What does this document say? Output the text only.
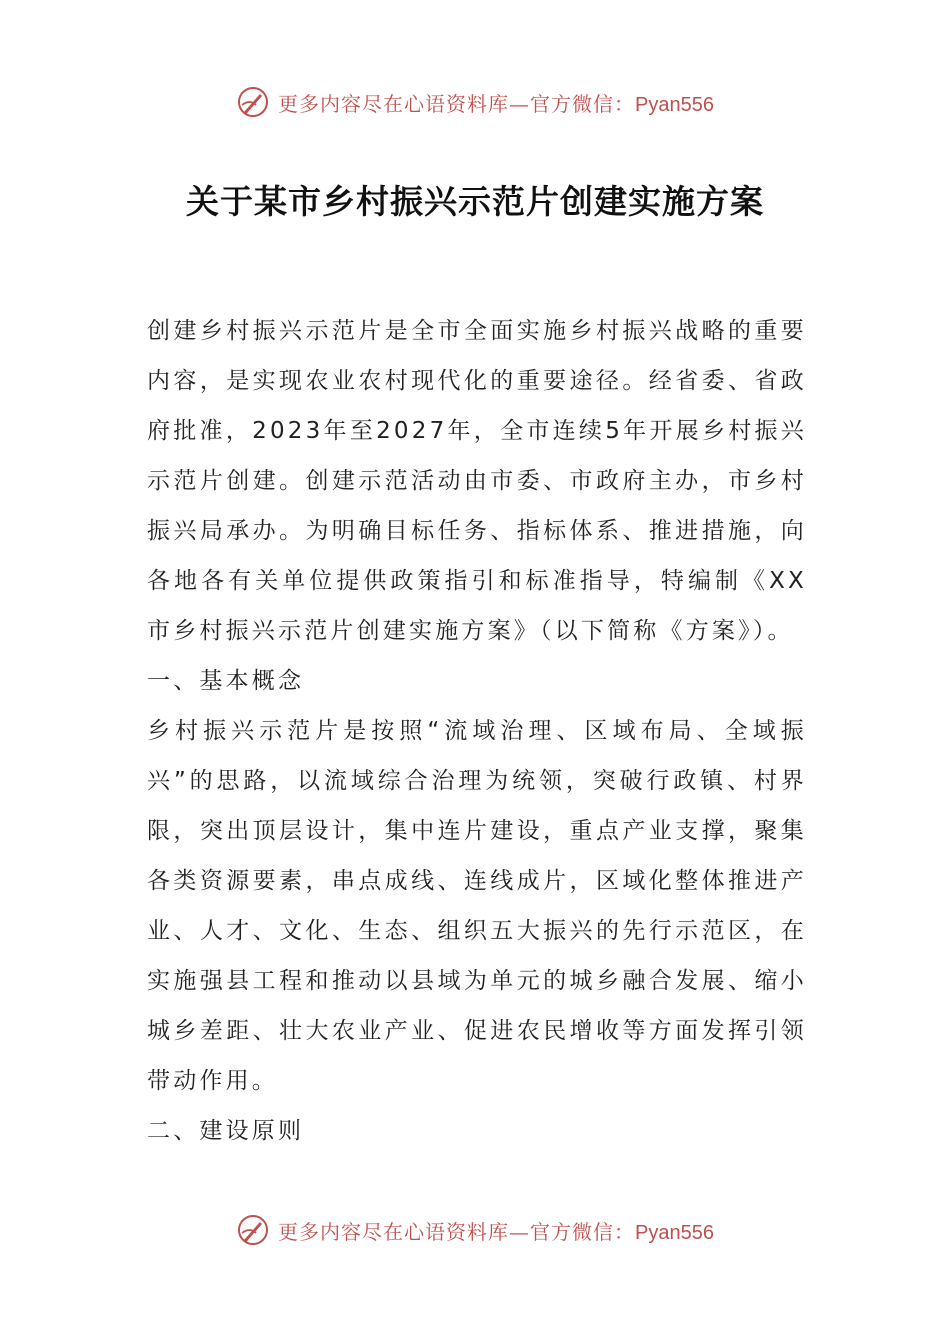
更多内容尽在心语资料库—官方微信：Pyan556
关于某市乡村振兴示范片创建实施方案

创建乡村振兴示范片是全市全面实施乡村振兴战略的重要内容，是实现农业农村现代化的重要途径。经省委、省政府批准，2023年至2027年，全市连续5年开展乡村振兴示范片创建。创建示范活动由市委、市政府主办，市乡村振兴局承办。为明确目标任务、指标体系、推进措施，向各地各有关单位提供政策指引和标准指导，特编制《XX市乡村振兴示范片创建实施方案》（以下简称《方案》）。

一、基本概念

乡村振兴示范片是按照“流域治理、区域布局、全域振兴”的思路，以流域综合治理为统领，突破行政镇、村界限，突出顶层设计，集中连片建设，重点产业支撑，聚集各类资源要素，串点成线、连线成片，区域化整体推进产业、人才、文化、生态、组织五大振兴的先行示范区，在实施强县工程和推动以县域为单元的城乡融合发展、缩小城乡差距、壮大农业产业、促进农民增收等方面发挥引领带动作用。

二、建设原则

更多内容尽在心语资料库—官方微信：Pyan556
